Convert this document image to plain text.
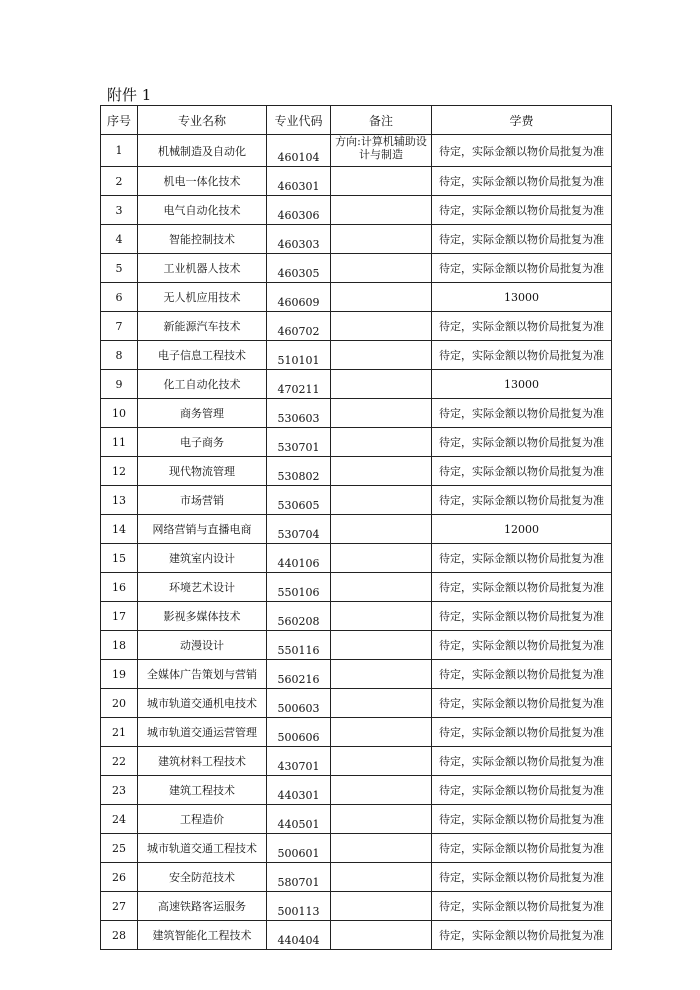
附件 1
序号	专业名称	专业代码	备注	学费
1	机械制造及自动化	460104	方向:计算机辅助设计与制造	待定，实际金额以物价局批复为准
2	机电一体化技术	460301		待定，实际金额以物价局批复为准
3	电气自动化技术	460306		待定，实际金额以物价局批复为准
4	智能控制技术	460303		待定，实际金额以物价局批复为准
5	工业机器人技术	460305		待定，实际金额以物价局批复为准
6	无人机应用技术	460609		13000
7	新能源汽车技术	460702		待定，实际金额以物价局批复为准
8	电子信息工程技术	510101		待定，实际金额以物价局批复为准
9	化工自动化技术	470211		13000
10	商务管理	530603		待定，实际金额以物价局批复为准
11	电子商务	530701		待定，实际金额以物价局批复为准
12	现代物流管理	530802		待定，实际金额以物价局批复为准
13	市场营销	530605		待定，实际金额以物价局批复为准
14	网络营销与直播电商	530704		12000
15	建筑室内设计	440106		待定，实际金额以物价局批复为准
16	环境艺术设计	550106		待定，实际金额以物价局批复为准
17	影视多媒体技术	560208		待定，实际金额以物价局批复为准
18	动漫设计	550116		待定，实际金额以物价局批复为准
19	全媒体广告策划与营销	560216		待定，实际金额以物价局批复为准
20	城市轨道交通机电技术	500603		待定，实际金额以物价局批复为准
21	城市轨道交通运营管理	500606		待定，实际金额以物价局批复为准
22	建筑材料工程技术	430701		待定，实际金额以物价局批复为准
23	建筑工程技术	440301		待定，实际金额以物价局批复为准
24	工程造价	440501		待定，实际金额以物价局批复为准
25	城市轨道交通工程技术	500601		待定，实际金额以物价局批复为准
26	安全防范技术	580701		待定，实际金额以物价局批复为准
27	高速铁路客运服务	500113		待定，实际金额以物价局批复为准
28	建筑智能化工程技术	440404		待定，实际金额以物价局批复为准
